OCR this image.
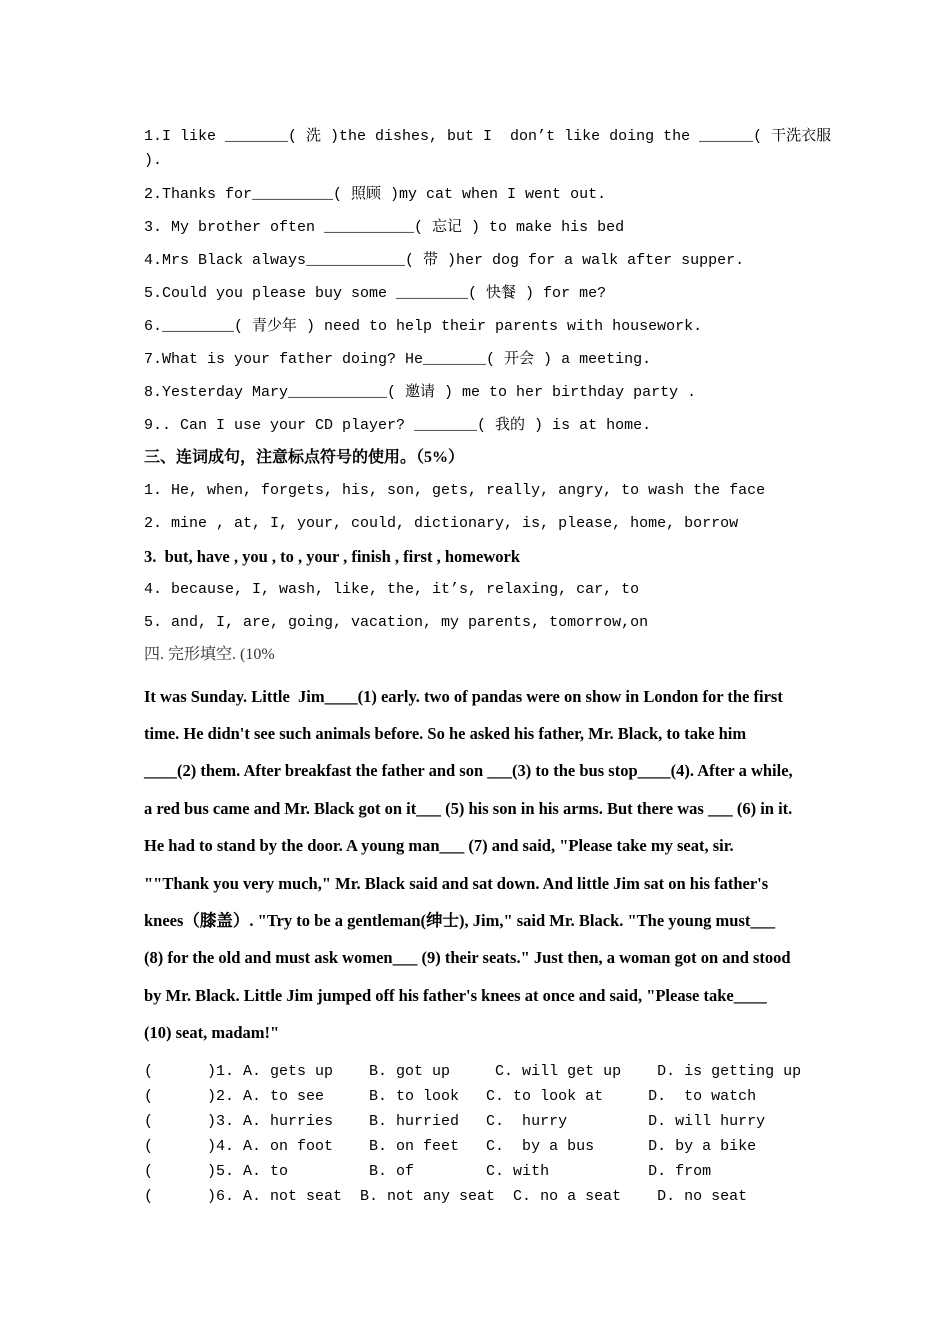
1.I like _______( 洗 )the dishes, but I  don’t like doing the ______( 干洗衣服
).
2.Thanks for_________( 照顾 )my cat when I went out.
3. My brother often __________( 忘记 ) to make his bed
4.Mrs Black always___________( 带 )her dog for a walk after supper.
5.Could you please buy some ________( 快餐 ) for me?
6.________( 青少年 ) need to help their parents with housework.
7.What is your father doing? He_______( 开会 ) a meeting.
8.Yesterday Mary___________( 邀请 ) me to her birthday party .
9.. Can I use your CD player? _______( 我的 ) is at home.
三、连词成句，注意标点符号的使用。（5%）
1. He, when, forgets, his, son, gets, really, angry, to wash the face
2. mine , at, I, your, could, dictionary, is, please, home, borrow
3.  but, have , you , to , your , finish , first , homework
4. because, I, wash, like, the, it’s, relaxing, car, to
5. and, I, are, going, vacation, my parents, tomorrow,on
四. 完形填空. (10%
It was Sunday. Little  Jim____(1) early. two of pandas were on show in London for the first
time. He didn't see such animals before. So he asked his father, Mr. Black, to take him
____(2) them. After breakfast the father and son ___(3) to the bus stop____(4). After a while,
a red bus came and Mr. Black got on it___ (5) his son in his arms. But there was ___ (6) in it.
He had to stand by the door. A young man___ (7) and said, "Please take my seat, sir.
""Thank you very much," Mr. Black said and sat down. And little Jim sat on his father's
knees（膝盖）. "Try to be a gentleman(绅士), Jim," said Mr. Black. "The young must___
(8) for the old and must ask women___ (9) their seats." Just then, a woman got on and stood
by Mr. Black. Little Jim jumped off his father's knees at once and said, "Please take____
(10) seat, madam!"
(      )1. A. gets up    B. got up     C. will get up    D. is getting up
(      )2. A. to see     B. to look   C. to look at     D.  to watch
(      )3. A. hurries    B. hurried   C.  hurry         D. will hurry
(      )4. A. on foot    B. on feet   C.  by a bus      D. by a bike
(      )5. A. to         B. of        C. with           D. from
(      )6. A. not seat  B. not any seat  C. no a seat    D. no seat
